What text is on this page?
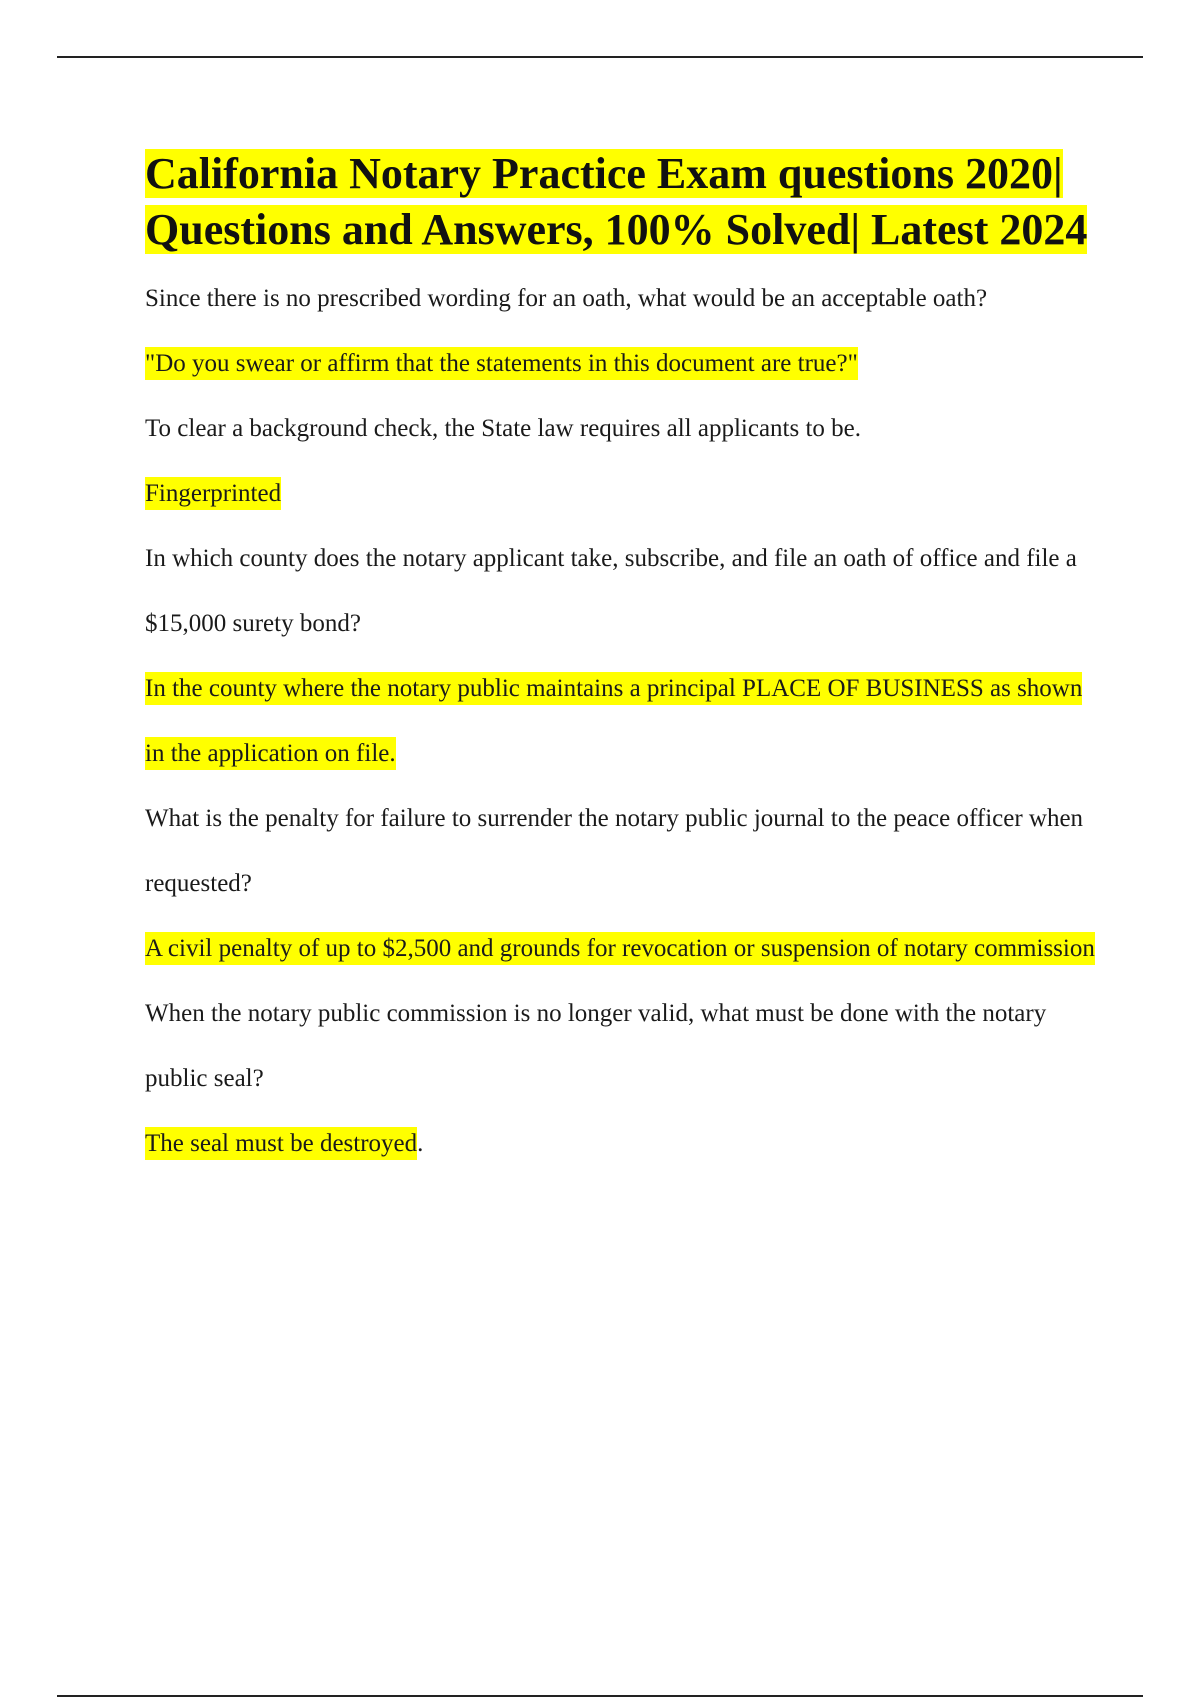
California Notary Practice Exam questions 2020| Questions and Answers, 100% Solved| Latest 2024

Since there is no prescribed wording for an oath, what would be an acceptable oath?

"Do you swear or affirm that the statements in this document are true?"

To clear a background check, the State law requires all applicants to be.

Fingerprinted

In which county does the notary applicant take, subscribe, and file an oath of office and file a $15,000 surety bond?

In the county where the notary public maintains a principal PLACE OF BUSINESS as shown in the application on file.

What is the penalty for failure to surrender the notary public journal to the peace officer when requested?

A civil penalty of up to $2,500 and grounds for revocation or suspension of notary commission

When the notary public commission is no longer valid, what must be done with the notary public seal?

The seal must be destroyed.
